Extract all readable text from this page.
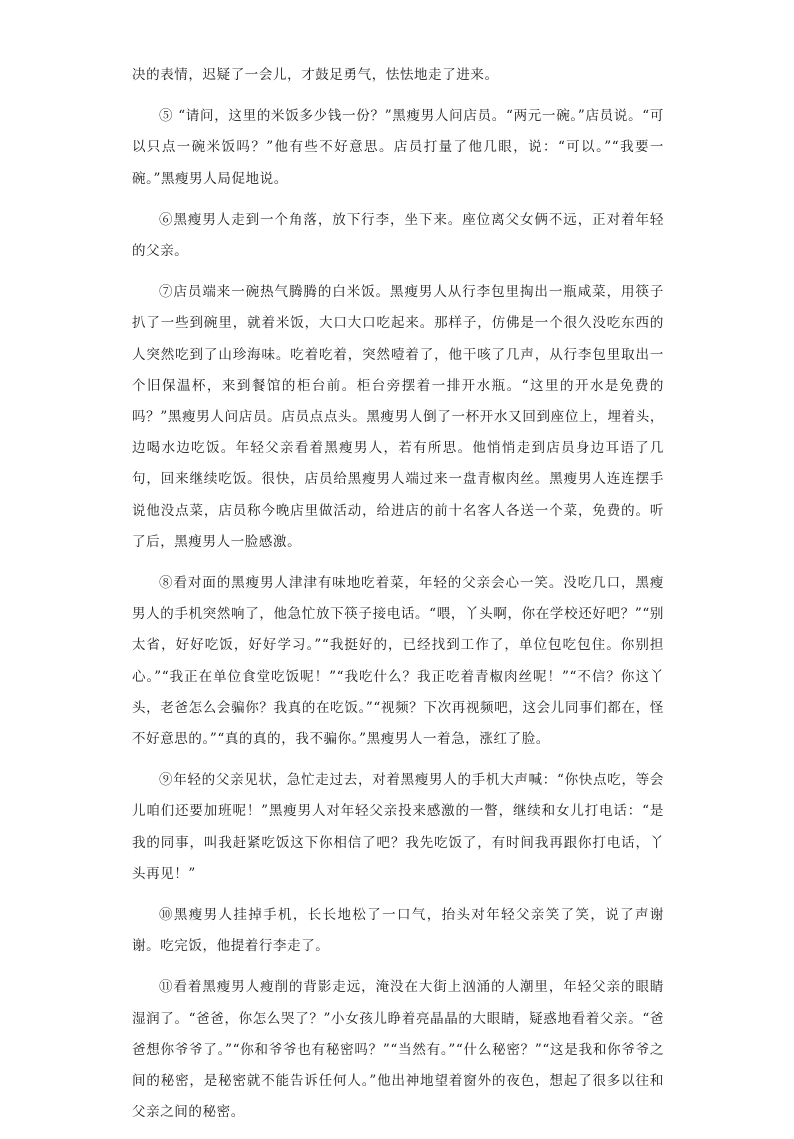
决的表情，迟疑了一会儿，才鼓足勇气，怯怯地走了进来。

⑤ “请问，这里的米饭多少钱一份？”黑瘦男人问店员。“两元一碗。”店员说。“可以只点一碗米饭吗？”他有些不好意思。店员打量了他几眼，说：“可以。”“我要一碗。”黑瘦男人局促地说。

⑥黑瘦男人走到一个角落，放下行李，坐下来。座位离父女俩不远，正对着年轻的父亲。

⑦店员端来一碗热气腾腾的白米饭。黑瘦男人从行李包里掏出一瓶咸菜，用筷子扒了一些到碗里，就着米饭，大口大口吃起来。那样子，仿佛是一个很久没吃东西的人突然吃到了山珍海味。吃着吃着，突然噎着了，他干咳了几声，从行李包里取出一个旧保温杯，来到餐馆的柜台前。柜台旁摆着一排开水瓶。“这里的开水是免费的吗？”黑瘦男人问店员。店员点点头。黑瘦男人倒了一杯开水又回到座位上，埋着头，边喝水边吃饭。年轻父亲看着黑瘦男人，若有所思。他悄悄走到店员身边耳语了几句，回来继续吃饭。很快，店员给黑瘦男人端过来一盘青椒肉丝。黑瘦男人连连摆手说他没点菜，店员称今晚店里做活动，给进店的前十名客人各送一个菜，免费的。听了后，黑瘦男人一脸感激。

⑧看对面的黑瘦男人津津有味地吃着菜，年轻的父亲会心一笑。没吃几口，黑瘦男人的手机突然响了，他急忙放下筷子接电话。“喂，丫头啊，你在学校还好吧？”“别太省，好好吃饭，好好学习。”“我挺好的，已经找到工作了，单位包吃包住。你别担心。”“我正在单位食堂吃饭呢！”“我吃什么？我正吃着青椒肉丝呢！”“不信？你这丫头，老爸怎么会骗你？我真的在吃饭。”“视频？下次再视频吧，这会儿同事们都在，怪不好意思的。”“真的真的，我不骗你。”黑瘦男人一着急，涨红了脸。

⑨年轻的父亲见状，急忙走过去，对着黑瘦男人的手机大声喊：“你快点吃，等会儿咱们还要加班呢！”黑瘦男人对年轻父亲投来感激的一瞥，继续和女儿打电话：“是我的同事，叫我赶紧吃饭这下你相信了吧？我先吃饭了，有时间我再跟你打电话，丫头再见！”

⑩黑瘦男人挂掉手机，长长地松了一口气，抬头对年轻父亲笑了笑，说了声谢谢。吃完饭，他提着行李走了。

⑪看着黑瘦男人瘦削的背影走远，淹没在大街上汹涌的人潮里，年轻父亲的眼睛湿润了。“爸爸，你怎么哭了？”小女孩儿睁着亮晶晶的大眼睛，疑惑地看着父亲。“爸爸想你爷爷了。”“你和爷爷也有秘密吗？”“当然有。”“什么秘密？”“这是我和你爷爷之间的秘密，是秘密就不能告诉任何人。”他出神地望着窗外的夜色，想起了很多以往和父亲之间的秘密。
